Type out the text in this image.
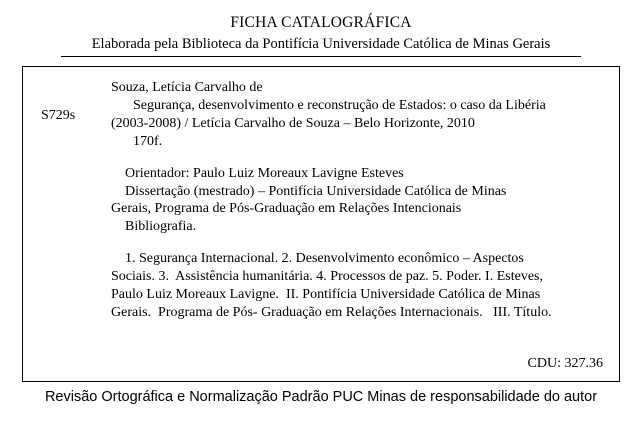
FICHA CATALOGRÁFICA
Elaborada pela Biblioteca da Pontifícia Universidade Católica de Minas Gerais
S729s
Souza, Letícia Carvalho de
Segurança, desenvolvimento e reconstrução de Estados: o caso da Libéria
(2003-2008) / Letícia Carvalho de Souza – Belo Horizonte, 2010
170f.
Orientador: Paulo Luiz Moreaux Lavigne Esteves
Dissertação (mestrado) – Pontifícia Universidade Católica de Minas
Gerais, Programa de Pós-Graduação em Relações Intencionais
Bibliografia.
1. Segurança Internacional. 2. Desenvolvimento econômico – Aspectos
Sociais. 3.  Assistência humanitária. 4. Processos de paz. 5. Poder. I. Esteves,
Paulo Luiz Moreaux Lavigne.  II. Pontifícia Universidade Católica de Minas
Gerais.  Programa de Pós- Graduação em Relações Internacionais.   III. Título.
CDU: 327.36
Revisão Ortográfica e Normalização Padrão PUC Minas de responsabilidade do autor
